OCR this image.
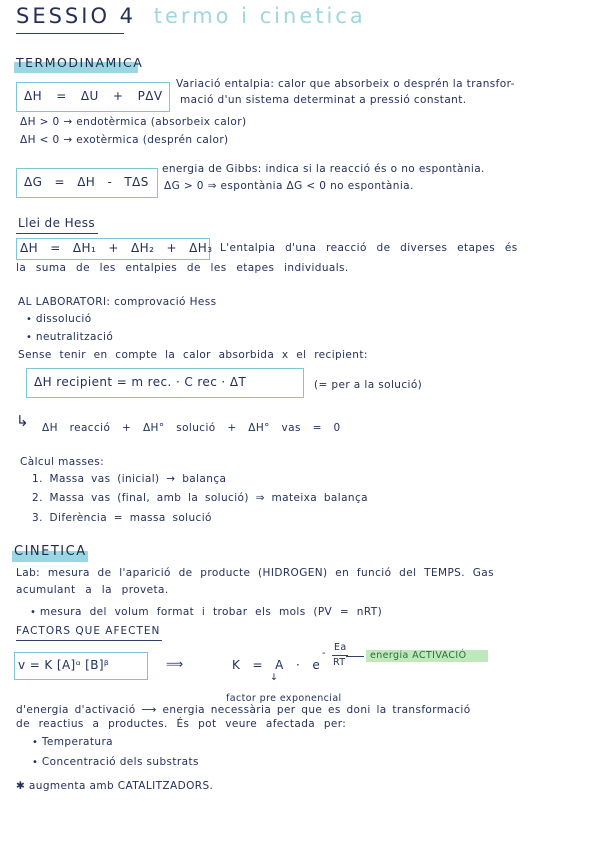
SESSIO 4 termo i cinetica
TERMODINAMICA
ΔH = ΔU + PΔV
Variació entalpia: calor que absorbeix o desprén la transfor-
mació d'un sistema determinat a pressió constant.
ΔH > 0 → endotèrmica (absorbeix calor)
ΔH < 0 → exotèrmica (desprén calor)
energia de Gibbs: indica si la reacció és o no espontània.
ΔG > 0 ⇒ espontània ΔG < 0 no espontània.
ΔG = ΔH - TΔS
Llei de Hess
ΔH = ΔH₁ + ΔH₂ + ΔH₃ L'entalpia d'una reacció de diverses etapes és
la suma de les entalpies de les etapes individuals.
AL LABORATORI: comprovació Hess
• dissolució
• neutralització
Sense tenir en compte la calor absorbida x el recipient:
ΔH recipient = m rec. · C rec · ΔT	(= per a la solució)
↳ ΔH reacció + ΔH° solució + ΔH° vas = 0
Càlcul masses:
1. Massa vas (inicial) → balança
2. Massa vas (final, amb la solució) ⇒ mateixa balança
3. Diferència = massa solució
CINETICA
Lab: mesura de l'aparició de producte (HIDROGEN) en funció del TEMPS. Gas
acumulant a la proveta.
• mesura del volum format i trobar els mols (PV = nRT)
FACTORS QUE AFECTEN
v = K [A]ᵅ [B]ᵝ	⟹	K = A · e
-
Ea
RT
energia ACTIVACIÓ
↓
factor pre exponencial
d'energia d'activació ⟶ energia necessària per que es doni la transformació
de reactius a productes. És pot veure afectada per:
• Temperatura
• Concentració dels substrats
✱ augmenta amb CATALITZADORS.
